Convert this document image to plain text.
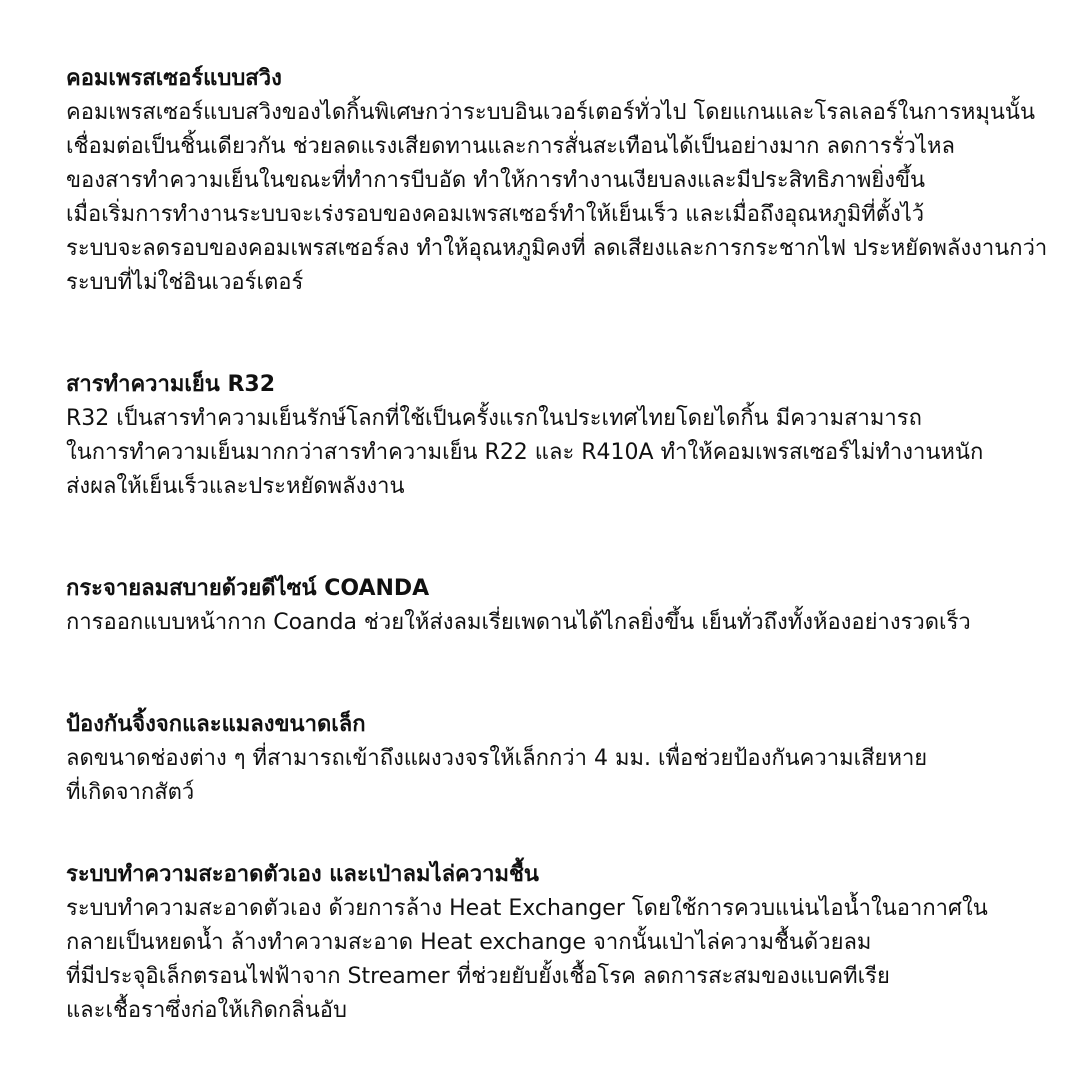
คอมเพรสเซอร์แบบสวิง
คอมเพรสเซอร์แบบสวิงของไดกิ้นพิเศษกว่าระบบอินเวอร์เตอร์ทั่วไป โดยแกนและโรลเลอร์ในการหมุนนั้น
เชื่อมต่อเป็นชิ้นเดียวกัน ช่วยลดแรงเสียดทานและการสั่นสะเทือนได้เป็นอย่างมาก ลดการรั่วไหล
ของสารทำความเย็นในขณะที่ทำการบีบอัด ทำให้การทำงานเงียบลงและมีประสิทธิภาพยิ่งขึ้น
เมื่อเริ่มการทำงานระบบจะเร่งรอบของคอมเพรสเซอร์ทำให้เย็นเร็ว และเมื่อถึงอุณหภูมิที่ตั้งไว้
ระบบจะลดรอบของคอมเพรสเซอร์ลง ทำให้อุณหภูมิคงที่ ลดเสียงและการกระชากไฟ ประหยัดพลังงานกว่า
ระบบที่ไม่ใช่อินเวอร์เตอร์
สารทำความเย็น R32
R32 เป็นสารทำความเย็นรักษ์โลกที่ใช้เป็นครั้งแรกในประเทศไทยโดยไดกิ้น มีความสามารถ
ในการทำความเย็นมากกว่าสารทำความเย็น R22 และ R410A ทำให้คอมเพรสเซอร์ไม่ทำงานหนัก
ส่งผลให้เย็นเร็วและประหยัดพลังงาน
กระจายลมสบายด้วยดีไซน์ COANDA
การออกแบบหน้ากาก Coanda ช่วยให้ส่งลมเรี่ยเพดานได้ไกลยิ่งขึ้น เย็นทั่วถึงทั้งห้องอย่างรวดเร็ว
ป้องกันจิ้งจกและแมลงขนาดเล็ก
ลดขนาดช่องต่าง ๆ ที่สามารถเข้าถึงแผงวงจรให้เล็กกว่า 4 มม. เพื่อช่วยป้องกันความเสียหาย
ที่เกิดจากสัตว์
ระบบทำความสะอาดตัวเอง และเป่าลมไล่ความชื้น
ระบบทำความสะอาดตัวเอง ด้วยการล้าง Heat Exchanger โดยใช้การควบแน่นไอน้ำในอากาศใน
กลายเป็นหยดน้ำ ล้างทำความสะอาด Heat exchange จากนั้นเป่าไล่ความชื้นด้วยลม
ที่มีประจุอิเล็กตรอนไฟฟ้าจาก Streamer ที่ช่วยยับยั้งเชื้อโรค ลดการสะสมของแบคทีเรีย
และเชื้อราซึ่งก่อให้เกิดกลิ่นอับ
